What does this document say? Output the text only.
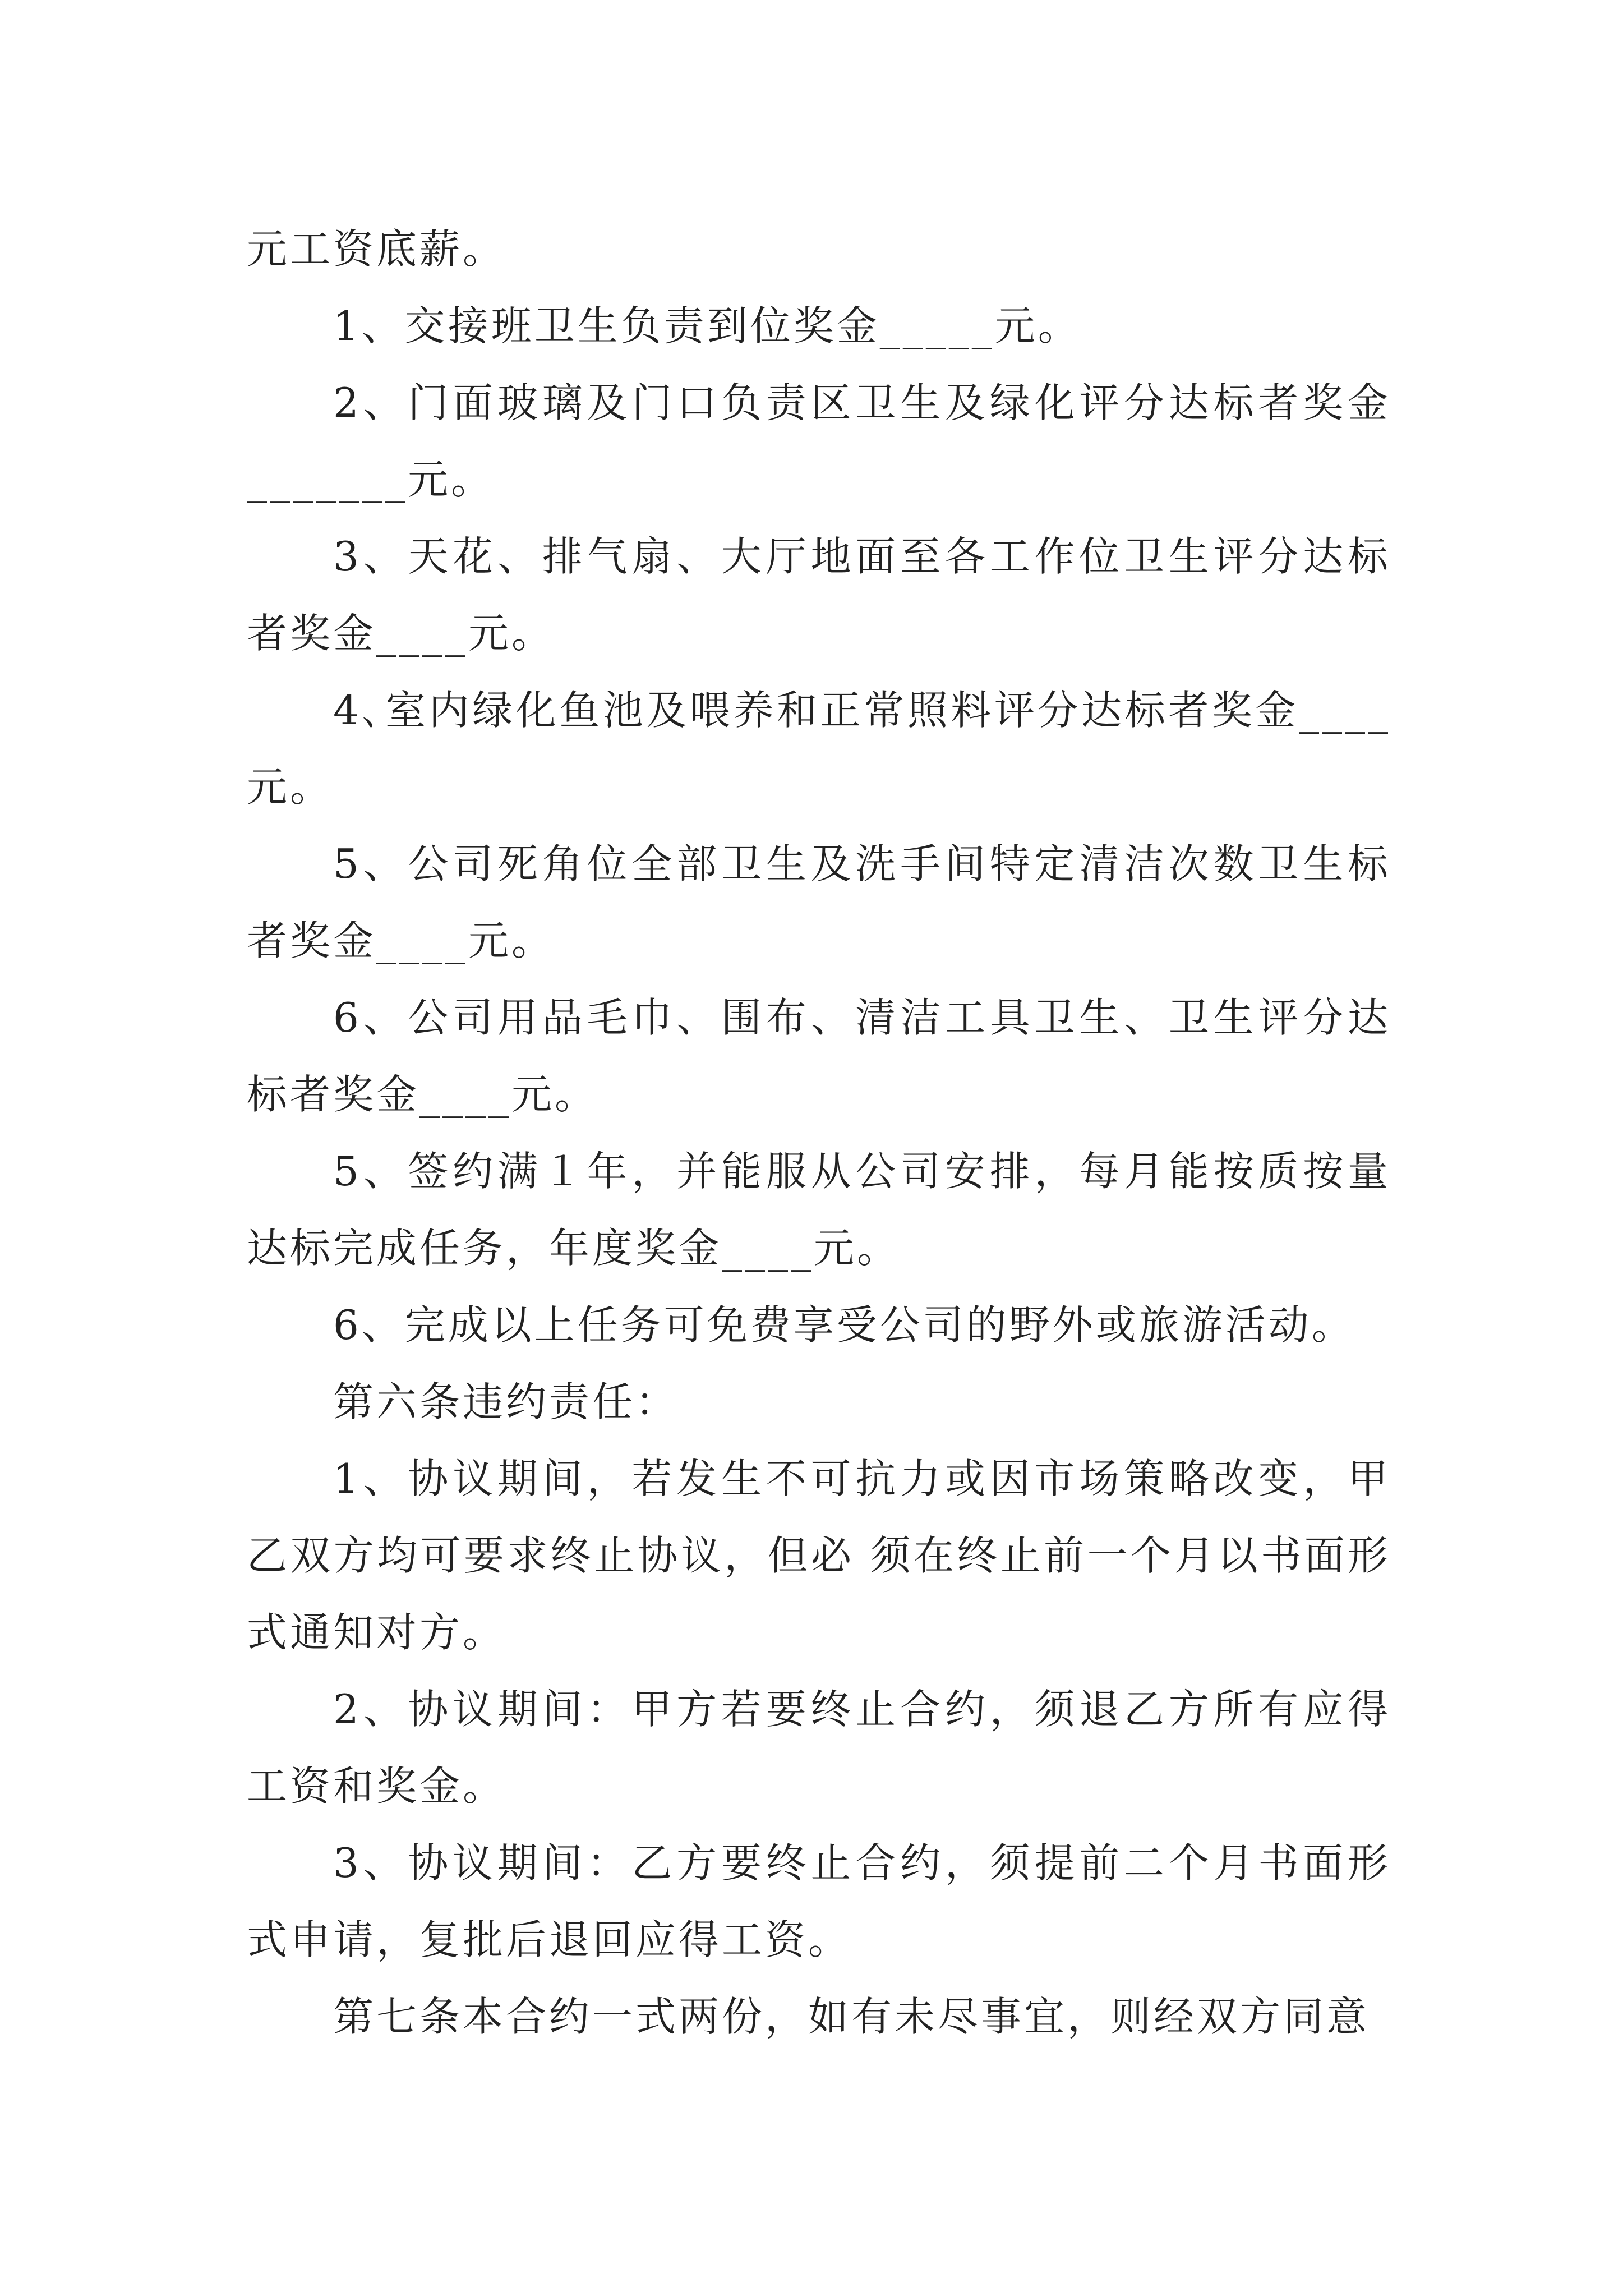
元工资底薪。

1、交接班卫生负责到位奖金_____元。

2、门面玻璃及门口负责区卫生及绿化评分达标者奖金_______元。

3、天花、排气扇、大厅地面至各工作位卫生评分达标者奖金____元。

4､室内绿化鱼池及喂养和正常照料评分达标者奖金____元。

5、公司死角位全部卫生及洗手间特定清洁次数卫生标者奖金____元。

6、公司用品毛巾、围布、清洁工具卫生、卫生评分达标者奖金____元。

5、签约满１年，并能服从公司安排，每月能按质按量达标完成任务，年度奖金____元。

6、完成以上任务可免费享受公司的野外或旅游活动。

第六条违约责任：

1、协议期间，若发生不可抗力或因市场策略改变，甲乙双方均可要求终止协议，但必 须在终止前一个月以书面形式通知对方。

2、协议期间：甲方若要终止合约，须退乙方所有应得工资和奖金。

3、协议期间：乙方要终止合约，须提前二个月书面形式申请，复批后退回应得工资。

第七条本合约一式两份，如有未尽事宜，则经双方同意
